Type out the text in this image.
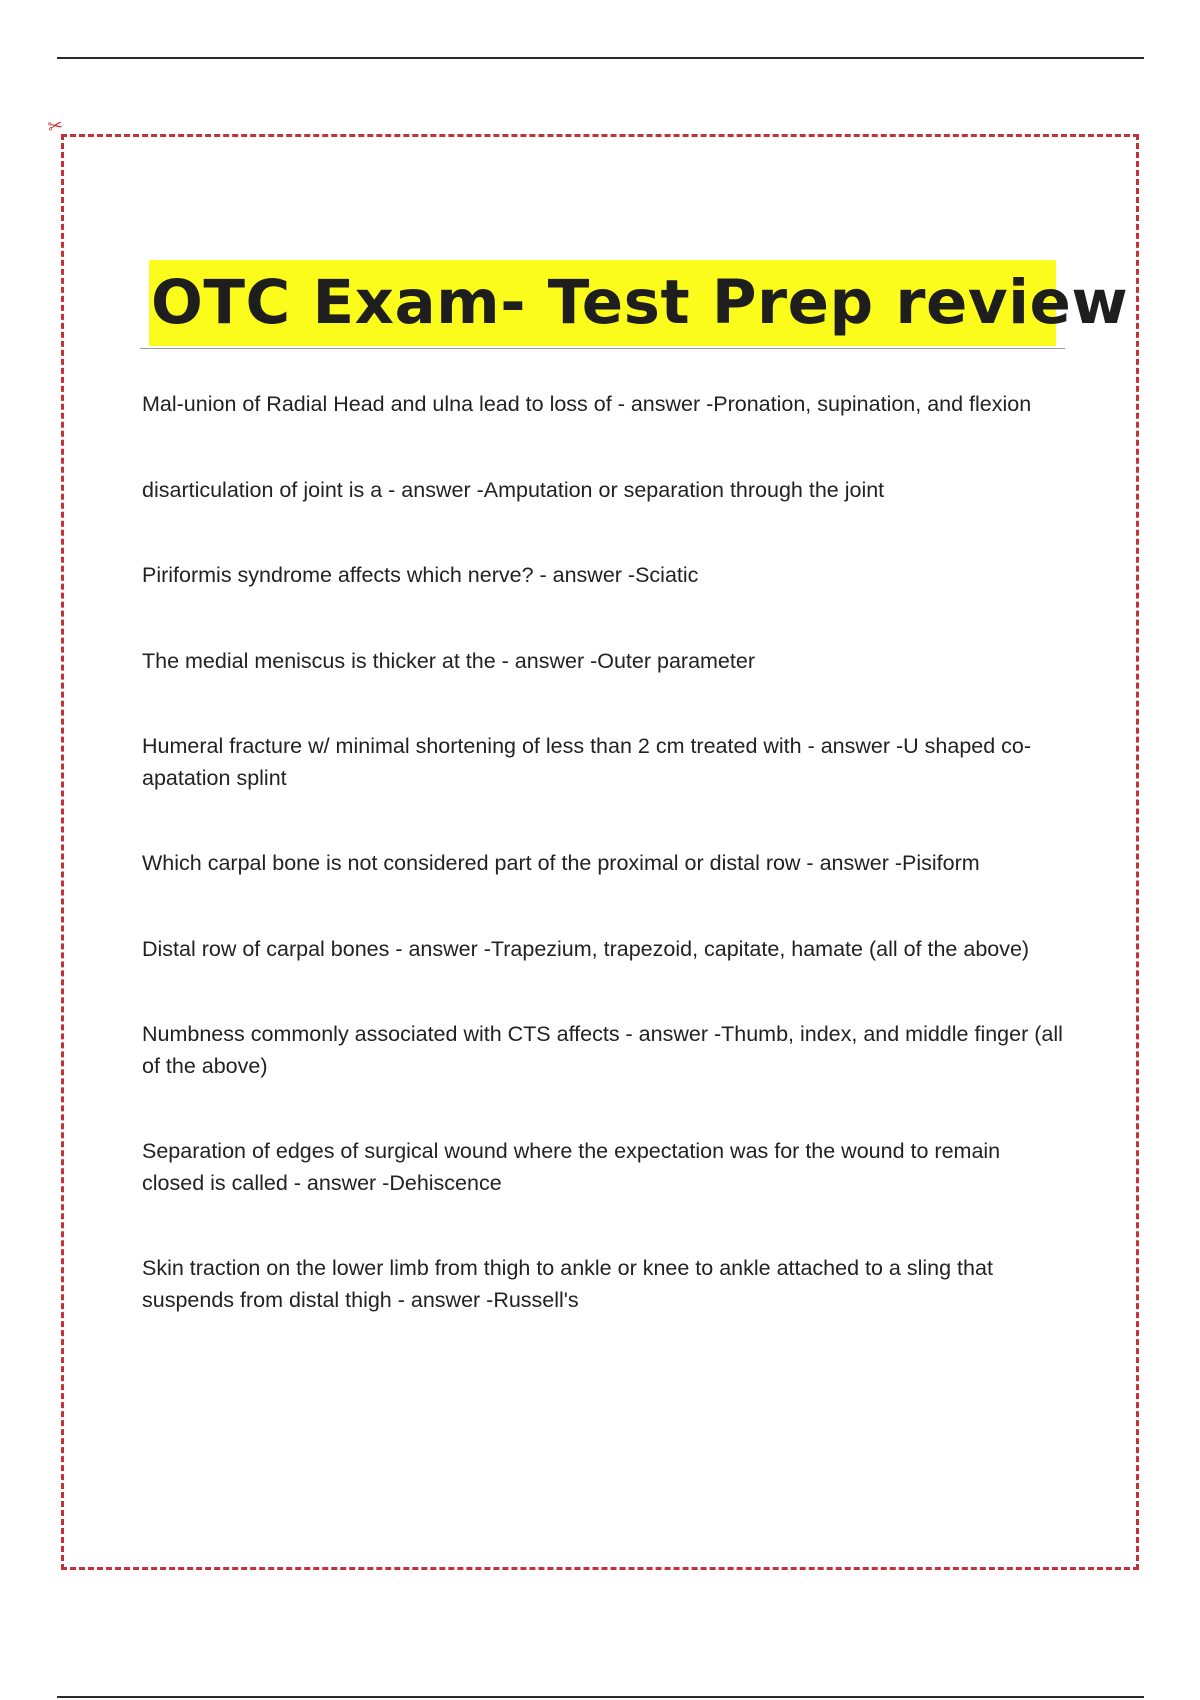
✂
OTC Exam- Test Prep review
Mal-union of Radial Head and ulna lead to loss of - answer -Pronation, supination, and flexion
disarticulation of joint is a - answer -Amputation or separation through the joint
Piriformis syndrome affects which nerve? - answer -Sciatic
The medial meniscus is thicker at the - answer -Outer parameter
Humeral fracture w/ minimal shortening of less than 2 cm treated with - answer -U shaped co-apatation splint
Which carpal bone is not considered part of the proximal or distal row - answer -Pisiform
Distal row of carpal bones - answer -Trapezium, trapezoid, capitate, hamate (all of the above)
Numbness commonly associated with CTS affects - answer -Thumb, index, and middle finger (all of the above)
Separation of edges of surgical wound where the expectation was for the wound to remain closed is called - answer -Dehiscence
Skin traction on the lower limb from thigh to ankle or knee to ankle attached to a sling that suspends from distal thigh - answer -Russell's
